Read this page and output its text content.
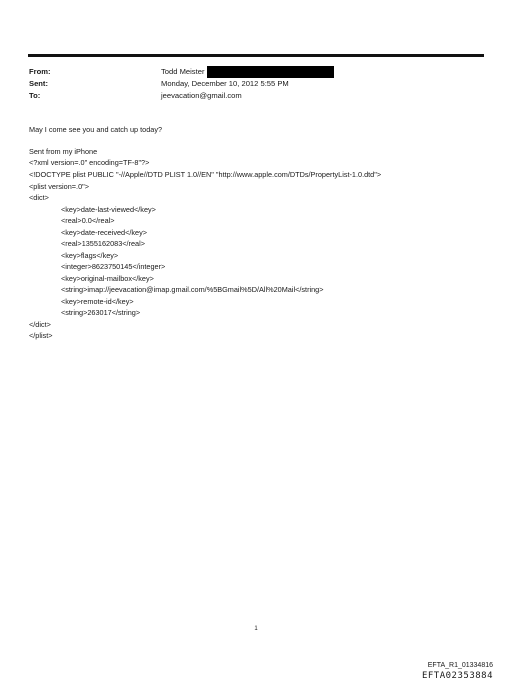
From:	Todd Meister
Sent:	Monday, December 10, 2012 5:55 PM
To:	jeevacation@gmail.com
May I come see you and catch up today?
Sent from my iPhone
<?xml version=.0" encoding=TF-8"?>
<!DOCTYPE plist PUBLIC "-//Apple//DTD PLIST 1.0//EN" "http://www.apple.com/DTDs/PropertyList-1.0.dtd">
<plist version=.0">
<dict>
<key>date-last-viewed</key>
<real>0.0</real>
<key>date-received</key>
<real>1355162083</real>
<key>flags</key>
<integer>8623750145</integer>
<key>original-mailbox</key>
<string>imap://jeevacation@imap.gmail.com/%5BGmail%5D/All%20Mail</string>
<key>remote-id</key>
<string>263017</string>
</dict>
</plist>
1
EFTA_R1_01334816
EFTA02353884
